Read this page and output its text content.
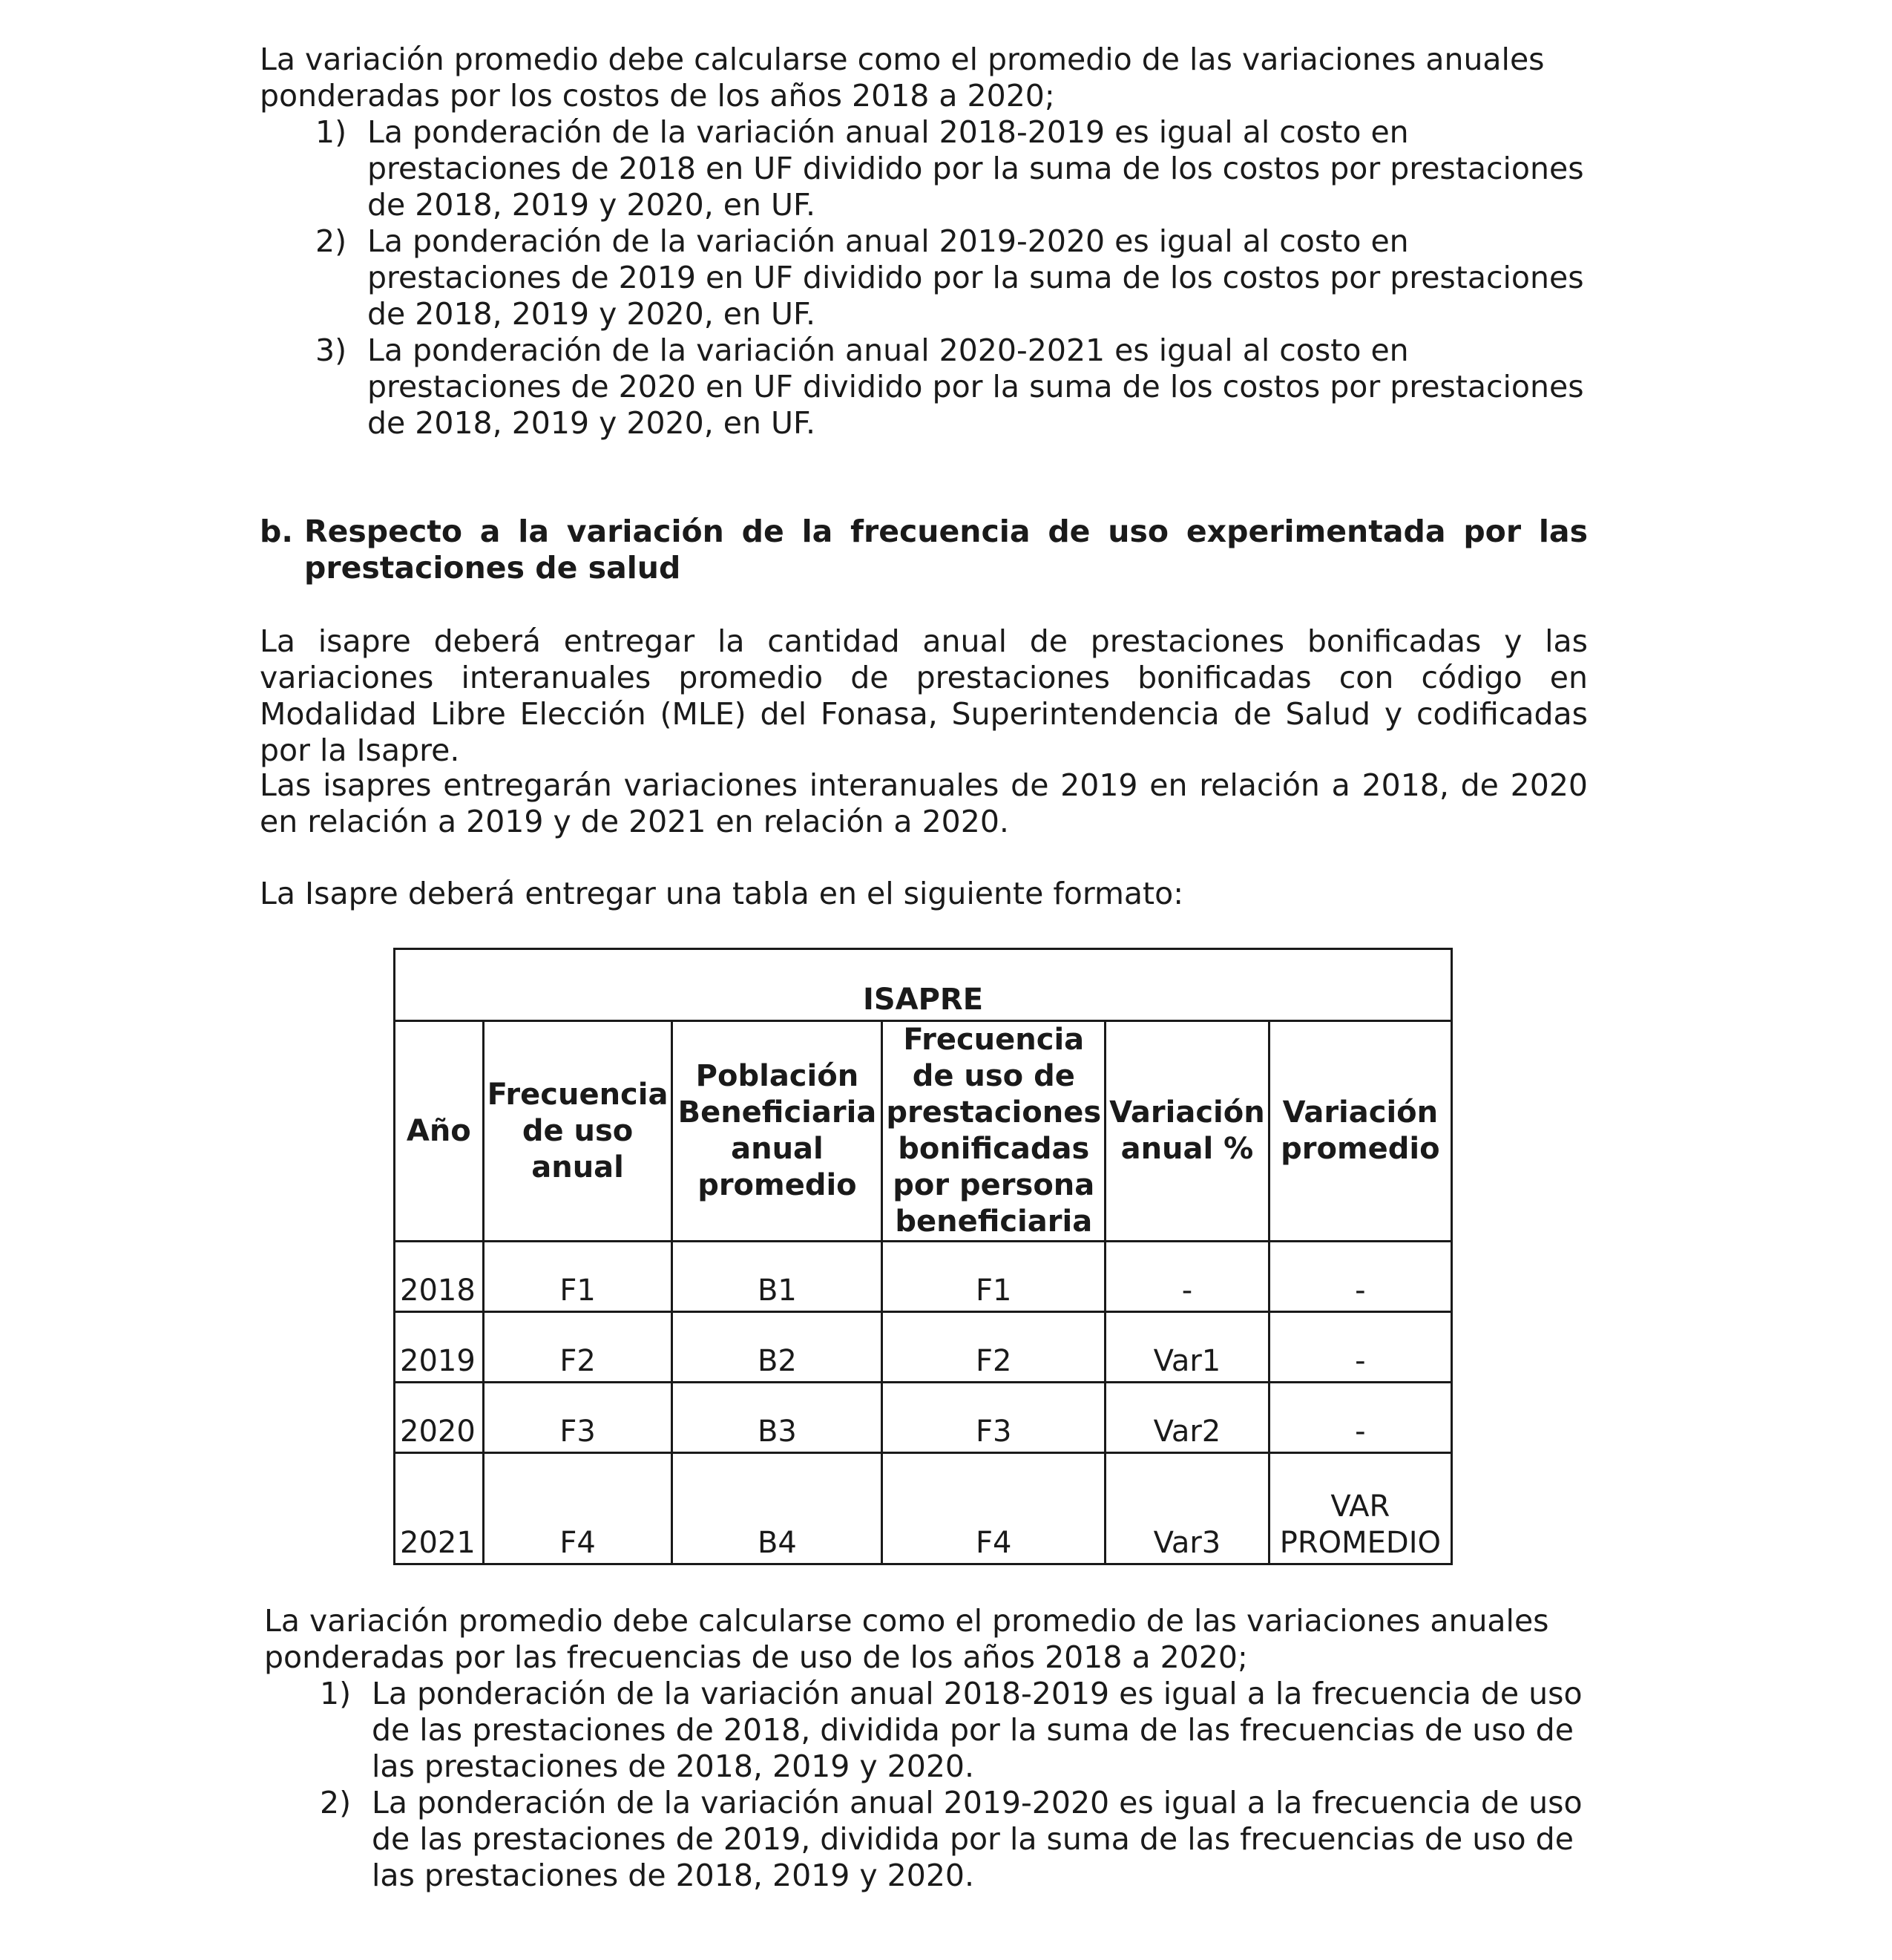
La variación promedio debe calcularse como el promedio de las variaciones anuales ponderadas por los costos de los años 2018 a 2020;

1) La ponderación de la variación anual 2018-2019 es igual al costo en prestaciones de 2018 en UF dividido por la suma de los costos por prestaciones de 2018, 2019 y 2020, en UF.
2) La ponderación de la variación anual 2019-2020 es igual al costo en prestaciones de 2019 en UF dividido por la suma de los costos por prestaciones de 2018, 2019 y 2020, en UF.
3) La ponderación de la variación anual 2020-2021 es igual al costo en prestaciones de 2020 en UF dividido por la suma de los costos por prestaciones de 2018, 2019 y 2020, en UF.
b. Respecto a la variación de la frecuencia de uso experimentada por las prestaciones de salud

La isapre deberá entregar la cantidad anual de prestaciones bonificadas y las variaciones interanuales promedio de prestaciones bonificadas con código en Modalidad Libre Elección (MLE) del Fonasa, Superintendencia de Salud y codificadas por la Isapre.

Las isapres entregarán variaciones interanuales de 2019 en relación a 2018, de 2020 en relación a 2019 y de 2021 en relación a 2020.

La Isapre deberá entregar una tabla en el siguiente formato:

ISAPRE					
Año	Frecuencia de uso anual	Población Beneficiaria anual promedio	Frecuencia de uso de prestaciones bonificadas por persona beneficiaria	Variación anual %	Variación promedio
2018	F1	B1	F1	-	-
2019	F2	B2	F2	Var1	-
2020	F3	B3	F3	Var2	-
2021	F4	B4	F4	Var3	VAR PROMEDIO

La variación promedio debe calcularse como el promedio de las variaciones anuales ponderadas por las frecuencias de uso de los años 2018 a 2020;

1) La ponderación de la variación anual 2018-2019 es igual a la frecuencia de uso de las prestaciones de 2018, dividida por la suma de las frecuencias de uso de las prestaciones de 2018, 2019 y 2020.
2) La ponderación de la variación anual 2019-2020 es igual a la frecuencia de uso de las prestaciones de 2019, dividida por la suma de las frecuencias de uso de las prestaciones de 2018, 2019 y 2020.
